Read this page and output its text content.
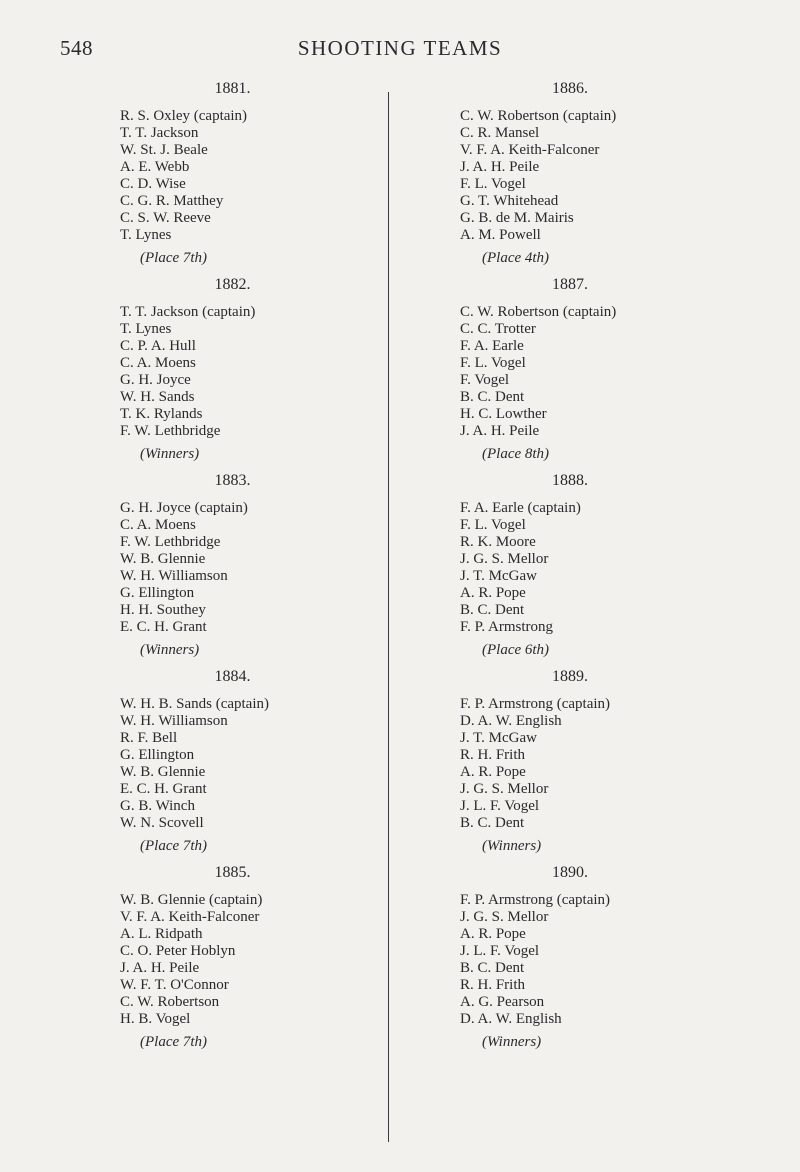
548	SHOOTING TEAMS
1881.
R. S. Oxley (captain)
T. T. Jackson
W. St. J. Beale
A. E. Webb
C. D. Wise
C. G. R. Matthey
C. S. W. Reeve
T. Lynes
(Place 7th)
1882.
T. T. Jackson (captain)
T. Lynes
C. P. A. Hull
C. A. Moens
G. H. Joyce
W. H. Sands
T. K. Rylands
F. W. Lethbridge
(Winners)
1883.
G. H. Joyce (captain)
C. A. Moens
F. W. Lethbridge
W. B. Glennie
W. H. Williamson
G. Ellington
H. H. Southey
E. C. H. Grant
(Winners)
1884.
W. H. B. Sands (captain)
W. H. Williamson
R. F. Bell
G. Ellington
W. B. Glennie
E. C. H. Grant
G. B. Winch
W. N. Scovell
(Place 7th)
1885.
W. B. Glennie (captain)
V. F. A. Keith-Falconer
A. L. Ridpath
C. O. Peter Hoblyn
J. A. H. Peile
W. F. T. O'Connor
C. W. Robertson
H. B. Vogel
(Place 7th)
1886.
C. W. Robertson (captain)
C. R. Mansel
V. F. A. Keith-Falconer
J. A. H. Peile
F. L. Vogel
G. T. Whitehead
G. B. de M. Mairis
A. M. Powell
(Place 4th)
1887.
C. W. Robertson (captain)
C. C. Trotter
F. A. Earle
F. L. Vogel
F. Vogel
B. C. Dent
H. C. Lowther
J. A. H. Peile
(Place 8th)
1888.
F. A. Earle (captain)
F. L. Vogel
R. K. Moore
J. G. S. Mellor
J. T. McGaw
A. R. Pope
B. C. Dent
F. P. Armstrong
(Place 6th)
1889.
F. P. Armstrong (captain)
D. A. W. English
J. T. McGaw
R. H. Frith
A. R. Pope
J. G. S. Mellor
J. L. F. Vogel
B. C. Dent
(Winners)
1890.
F. P. Armstrong (captain)
J. G. S. Mellor
A. R. Pope
J. L. F. Vogel
B. C. Dent
R. H. Frith
A. G. Pearson
D. A. W. English
(Winners)
